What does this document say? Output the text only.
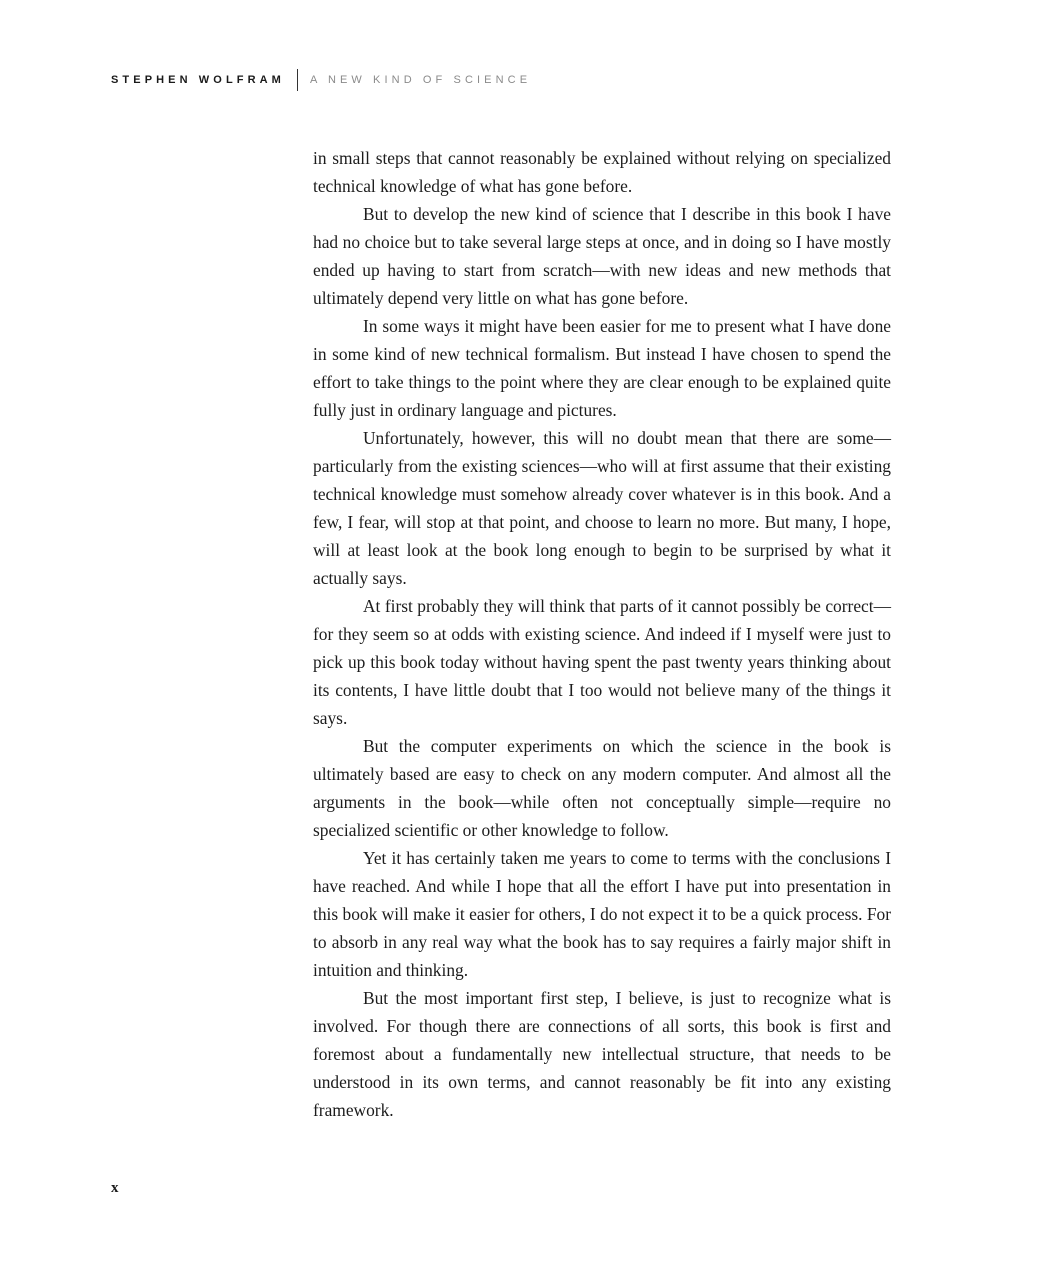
STEPHEN WOLFRAM A NEW KIND OF SCIENCE

in small steps that cannot reasonably be explained without relying on specialized technical knowledge of what has gone before.

But to develop the new kind of science that I describe in this book I have had no choice but to take several large steps at once, and in doing so I have mostly ended up having to start from scratch—with new ideas and new methods that ultimately depend very little on what has gone before.

In some ways it might have been easier for me to present what I have done in some kind of new technical formalism. But instead I have chosen to spend the effort to take things to the point where they are clear enough to be explained quite fully just in ordinary language and pictures.

Unfortunately, however, this will no doubt mean that there are some—particularly from the existing sciences—who will at first assume that their existing technical knowledge must somehow already cover whatever is in this book. And a few, I fear, will stop at that point, and choose to learn no more. But many, I hope, will at least look at the book long enough to begin to be surprised by what it actually says.

At first probably they will think that parts of it cannot possibly be correct—for they seem so at odds with existing science. And indeed if I myself were just to pick up this book today without having spent the past twenty years thinking about its contents, I have little doubt that I too would not believe many of the things it says.

But the computer experiments on which the science in the book is ultimately based are easy to check on any modern computer. And almost all the arguments in the book—while often not conceptually simple—require no specialized scientific or other knowledge to follow.

Yet it has certainly taken me years to come to terms with the conclusions I have reached. And while I hope that all the effort I have put into presentation in this book will make it easier for others, I do not expect it to be a quick process. For to absorb in any real way what the book has to say requires a fairly major shift in intuition and thinking.

But the most important first step, I believe, is just to recognize what is involved. For though there are connections of all sorts, this book is first and foremost about a fundamentally new intellectual structure, that needs to be understood in its own terms, and cannot reasonably be fit into any existing framework.

x
